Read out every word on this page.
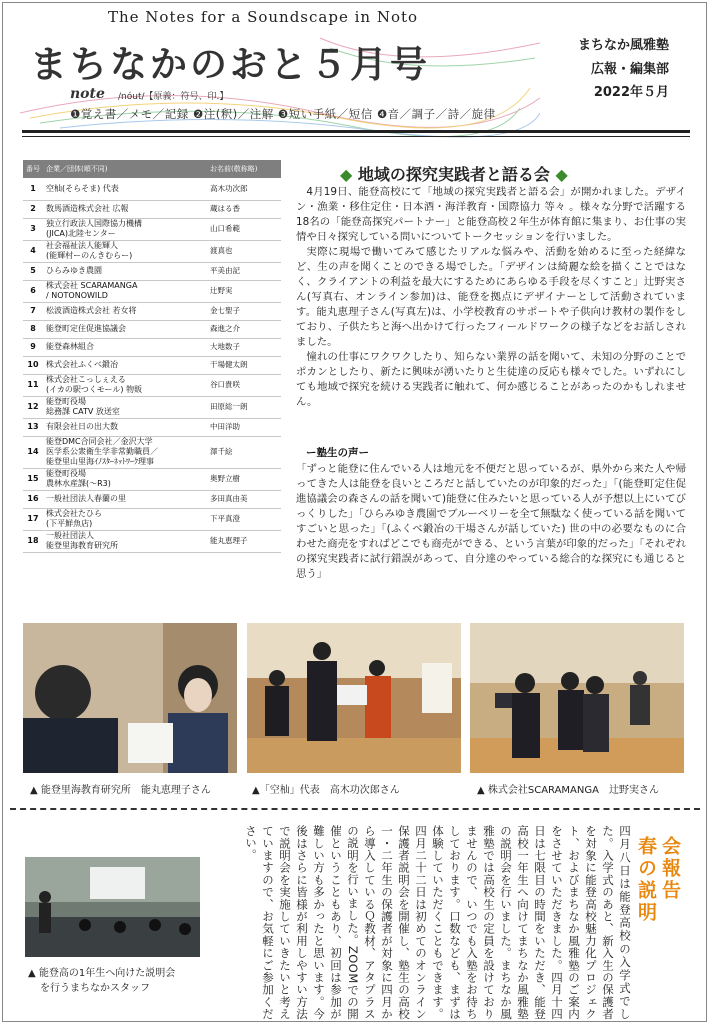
The Notes for a Soundscape in Noto
まちなかのおと５月号
note /nóut/【原義：符号、印.】
❶覚え書／メモ／記録 ❷注(釈)／注解 ❸短い手紙／短信 ❹音／調子／詩／旋律
まちなか風雅塾
広報・編集部
2022年５月
番号	企業／団体(順不同)	お名前(敬称略)
1	空杣(そらそま) 代表	高木功次郎
2	数馬酒造株式会社 広報	蔵はる香
3	独立行政法人国際協力機構
(JICA)北陸センター	山口希範
4	社会福祉法人能輝人
(能輝村ーのんきむらー)	渡真也
5	ひらみゆき農園	平美由記
6	株式会社 SCARAMANGA
/ NOTONOWILD	辻野実
7	松波酒造株式会社 若女将	金七聖子
8	能登町定住促進協議会	森進之介
9	能登森林組合	大地数子
10	株式会社ふくべ鍛冶	干場健太朗
11	株式会社こっしぇえる
(イカの駅つくモール) 物販	谷口貴咲
12	能登町役場
総務課 CATV 放送室	田原総一朗
13	有限会社日の出大数	中田洋助
14	能登DMC合同会社／金沢大学
医学系公衆衛生学非常勤職員／
能登里山里海ｲﾉｽﾀｰﾈｯﾄﾜｰｸ理事	澤千絵
15	能登町役場
農林水産課(～R3)	奥野立樹
16	一般社団法人春蘭の里	多田真由美
17	株式会社たひら
(下平鮮魚店)	下平真澄
18	一般社団法人
能登里海教育研究所	能丸恵理子
◆ 地域の探究実践者と語る会 ◆

4月19日、能登高校にて「地域の探究実践者と語る会」が開かれました。デザイン・漁業・移住定住・日本酒・海洋教育・国際協力 等々 。様々な分野で活躍する18名の「能登高探究パートナー」と能登高校２年生が体育館に集まり、お仕事の実情や日々探究している問いについてトークセッションを行いました。

実際に現場で働いてみて感じたリアルな悩みや、活動を始めるに至った経緯など、生の声を聞くことのできる場でした。「デザインは綺麗な絵を描くことではなく、クライアントの利益を最大にするためにあらゆる手段を尽くすこと」辻野実さん(写真右、オンライン参加)は、能登を拠点にデザイナーとして活動されています。能丸恵理子さん(写真左)は、小学校教育のサポートや子供向け教材の製作をしており、子供たちと海へ出かけて行ったフィールドワークの様子などをお話しされました。

憧れの仕事にワクワクしたり、知らない業界の話を聞いて、未知の分野のことでポカンとしたり、新たに興味が湧いたりと生徒達の反応も様々でした。いずれにしても地域で探究を続ける実践者に触れて、何か感じることがあったのかもしれません。

ー塾生の声ー
「ずっと能登に住んでいる人は地元を不便だと思っているが、県外から来た人や帰ってきた人は能登を良いところだと話していたのが印象的だった」「(能登町定住促進協議会の森さんの話を聞いて)能登に住みたいと思っている人が予想以上にいてびっくりした」「ひらみゆき農園でブルーベリーを全て無駄なく使っている話を聞いてすごいと思った」「(ふくべ鍛冶の干場さんが話していた) 世の中の必要なものに合わせた商売をすればどこでも商売ができる、という言葉が印象的だった」「それぞれの探究実践者に試行錯誤があって、自分達のやっている総合的な探究にも通じると思う」
▲ 能登里海教育研究所　能丸恵理子さん	▲「空杣」代表　高木功次郎さん	▲ 株式会社SCARAMANGA　辻野実さん
▲ 能登高の1年生へ向けた説明会
を行うまちなかスタッフ	四月八日は能登高校の入学式でした。入学式のあと、新入生の保護者を対象に能登高校魅力化プロジェクト、およびまちなか風雅塾のご案内をさせていただきました。四月十四日は七限目の時間をいただき、能登高校一年生へ向けてまちなか風雅塾の説明会を行いました。まちなか風雅塾では高校生の定員を設けておりませんので、いつでも入塾をお待ちしております。口数なども、まずは体験していただくこともできます。四月二十二日は初めてのオンライン保護者説明会を開催し、塾生の高校一・二年生の保護者が対象に四月から導入しているＱ教材、アタプラスの説明を行いました。ZOOMでの開催ということもあり、初回は参加が難しい方も多かったと思います。今後はさらに皆様が利用しやすい方法で説明会を実施していきたいと考えていますので、お気軽にご参加ください。	会報告
春の説明
